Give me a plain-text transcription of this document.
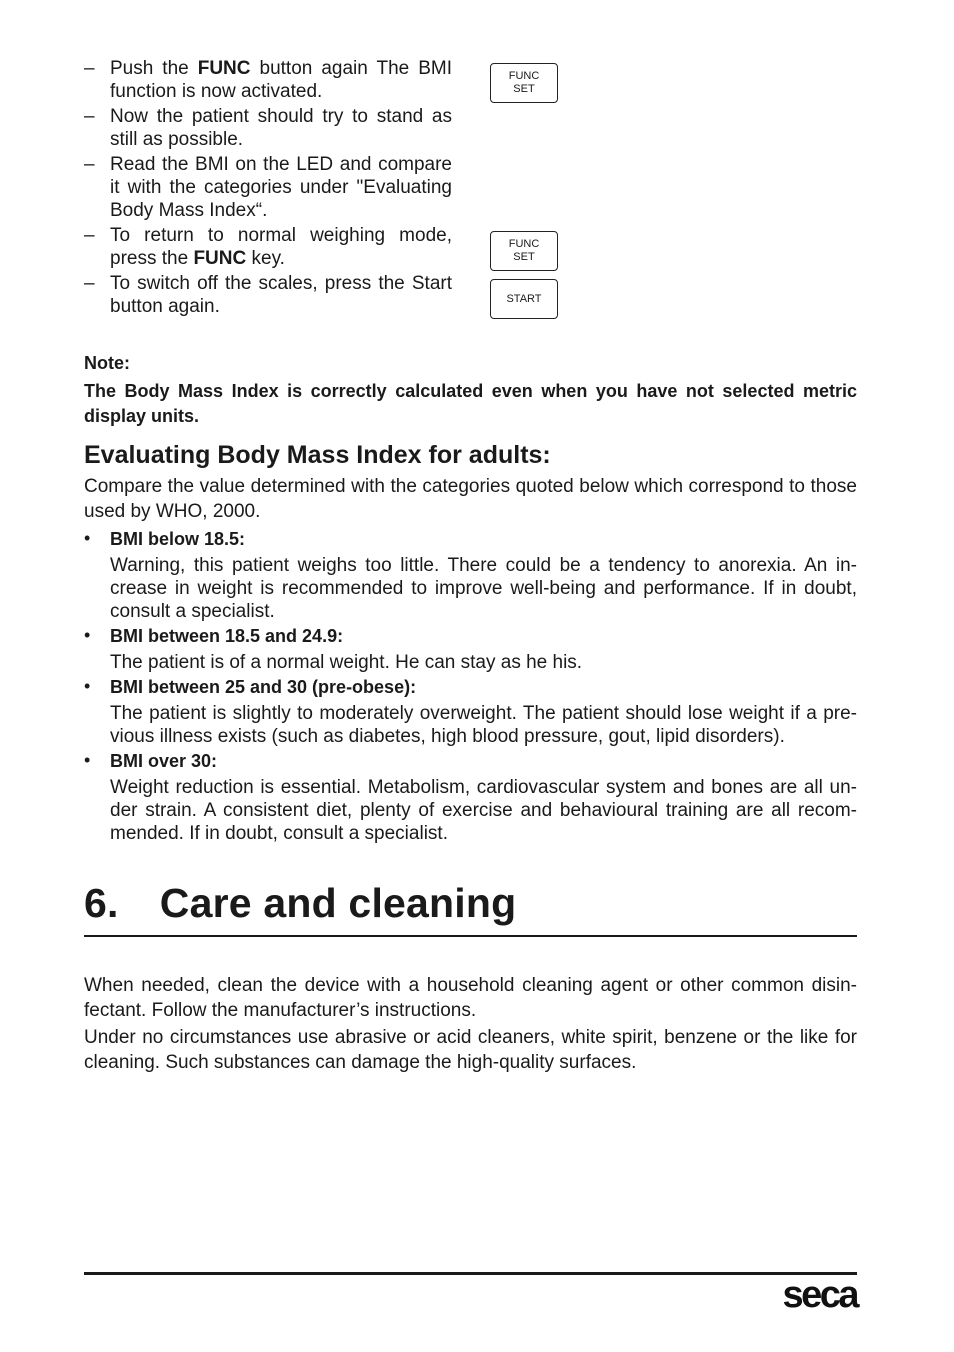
– Push the FUNC button again The BMI function is now activated.
– Now the patient should try to stand as still as possible.
– Read the BMI on the LED and compare it with the categories under "Evaluating Body Mass Index“.
– To return to normal weighing mode, press the FUNC key.
– To switch off the scales, press the Start button again.
FUNC
SET
FUNC
SET
START
Note:
The Body Mass Index is correctly calculated even when you have not selected metric display units.
Evaluating Body Mass Index for adults:
Compare the value determined with the categories quoted below which correspond to those used by WHO, 2000.
• BMI below 18.5:
Warning, this patient weighs too little. There could be a tendency to anorexia. An in-crease in weight is recommended to improve well-being and performance. If in doubt, consult a specialist.
• BMI between 18.5 and 24.9:
The patient is of a normal weight. He can stay as he his.
• BMI between 25 and 30 (pre-obese):
The patient is slightly to moderately overweight. The patient should lose weight if a pre-vious illness exists (such as diabetes, high blood pressure, gout, lipid disorders).
• BMI over 30:
Weight reduction is essential. Metabolism, cardiovascular system and bones are all un-der strain. A consistent diet, plenty of exercise and behavioural training are all recom-mended. If in doubt, consult a specialist.
6. Care and cleaning

When needed, clean the device with a household cleaning agent or other common disin-fectant. Follow the manufacturer’s instructions.

Under no circumstances use abrasive or acid cleaners, white spirit, benzene or the like for cleaning. Such substances can damage the high-quality surfaces.

seca
